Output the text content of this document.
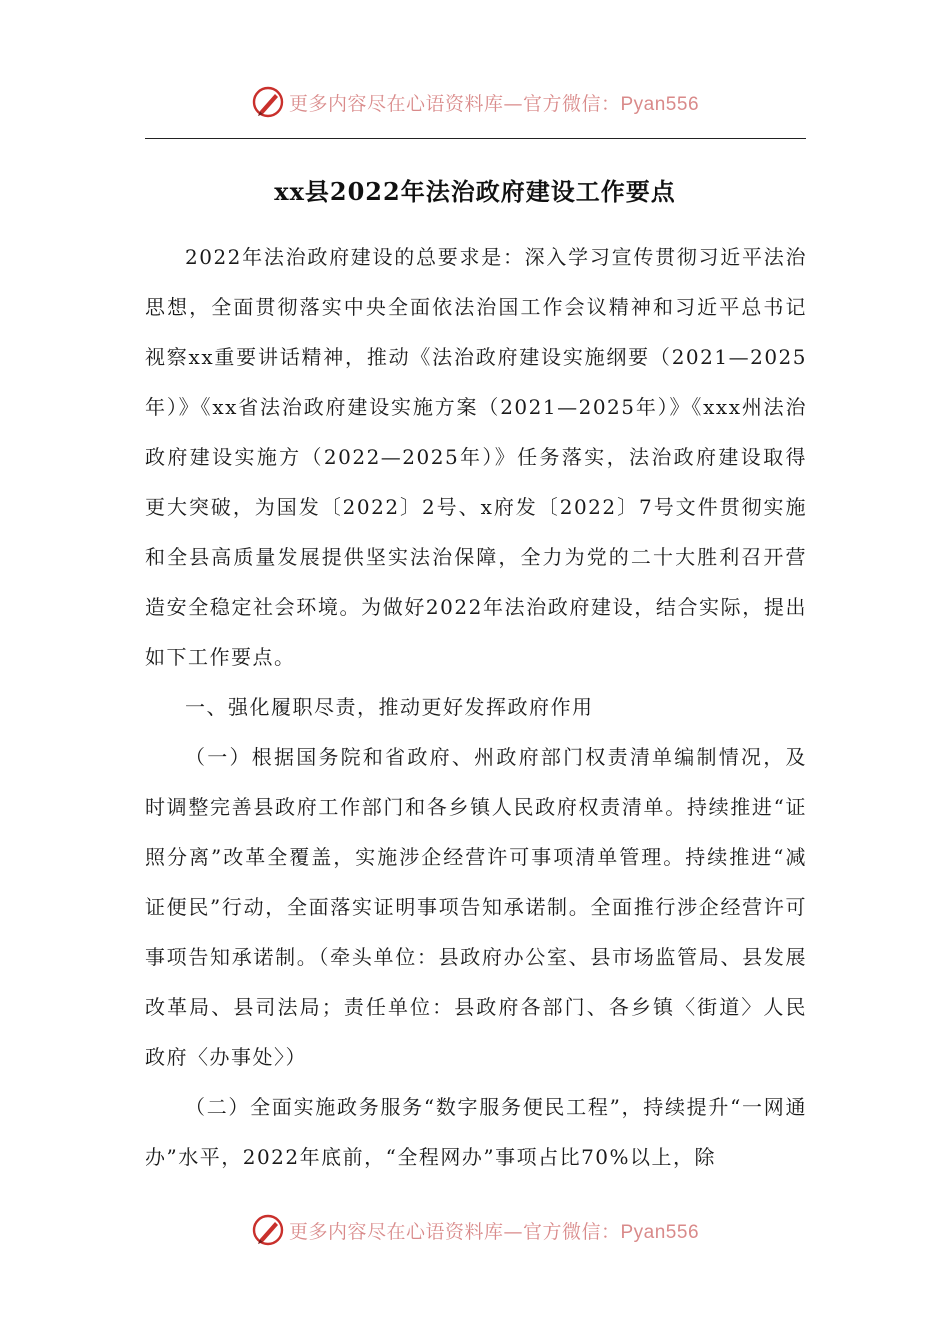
更多内容尽在心语资料库—官方微信：Pyan556
xx县2022年法治政府建设工作要点

2022年法治政府建设的总要求是：深入学习宣传贯彻习近平法治思想，全面贯彻落实中央全面依法治国工作会议精神和习近平总书记视察xx重要讲话精神，推动《法治政府建设实施纲要（2021—2025年）》《xx省法治政府建设实施方案（2021—2025年）》《xxx州法治政府建设实施方（2022—2025年）》任务落实，法治政府建设取得更大突破，为国发〔2022〕2号、x府发〔2022〕7号文件贯彻实施和全县高质量发展提供坚实法治保障，全力为党的二十大胜利召开营造安全稳定社会环境。为做好2022年法治政府建设，结合实际，提出如下工作要点。

一、强化履职尽责，推动更好发挥政府作用

（一）根据国务院和省政府、州政府部门权责清单编制情况，及时调整完善县政府工作部门和各乡镇人民政府权责清单。持续推进“证照分离”改革全覆盖，实施涉企经营许可事项清单管理。持续推进“减证便民”行动，全面落实证明事项告知承诺制。全面推行涉企经营许可事项告知承诺制。（牵头单位：县政府办公室、县市场监管局、县发展改革局、县司法局；责任单位：县政府各部门、各乡镇〈街道〉人民政府〈办事处〉）

（二）全面实施政务服务“数字服务便民工程”，持续提升“一网通办”水平，2022年底前，“全程网办”事项占比70%以上，除

更多内容尽在心语资料库—官方微信：Pyan556
